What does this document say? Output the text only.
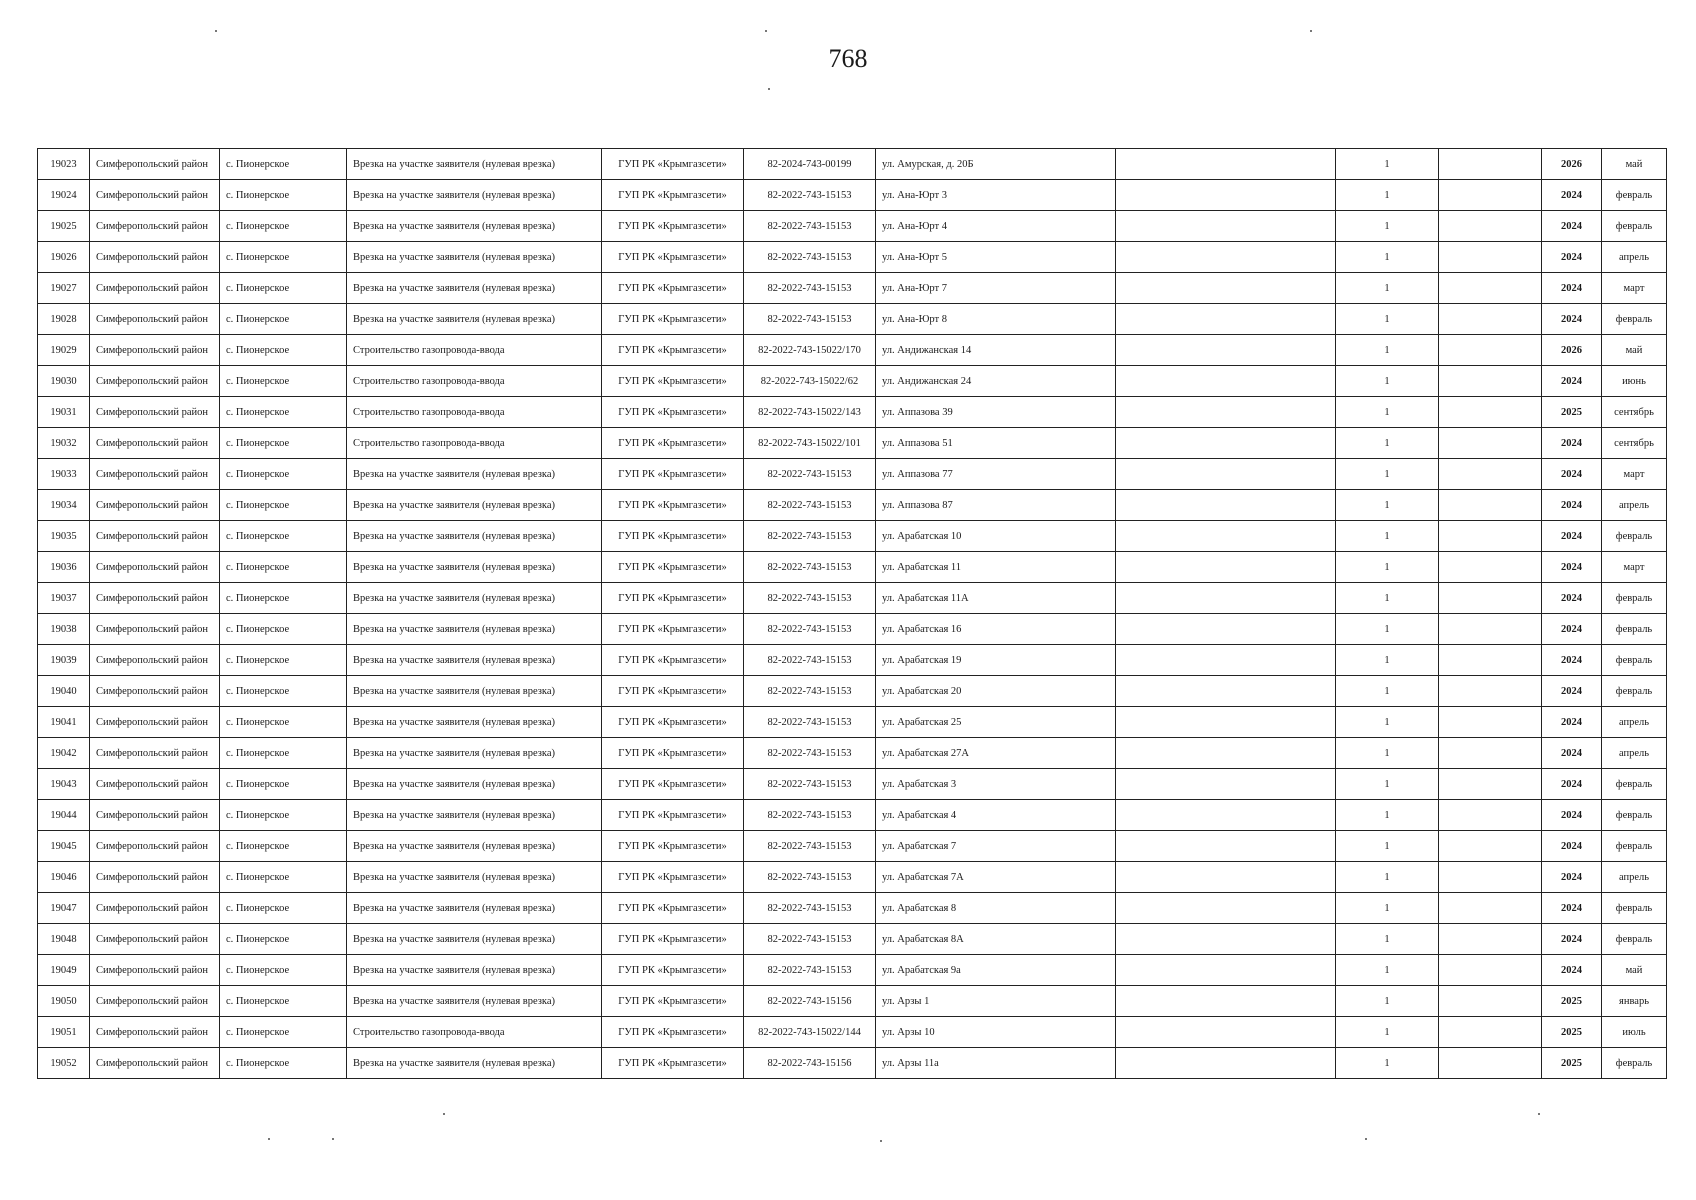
768
19023	Симферопольский район	с. Пионерское	Врезка на участке заявителя (нулевая врезка)	ГУП РК «Крымгазсети»	82-2024-743-00199	ул. Амурская, д. 20Б		1		2026	май
19024	Симферопольский район	с. Пионерское	Врезка на участке заявителя (нулевая врезка)	ГУП РК «Крымгазсети»	82-2022-743-15153	ул. Ана-Юрт 3		1		2024	февраль
19025	Симферопольский район	с. Пионерское	Врезка на участке заявителя (нулевая врезка)	ГУП РК «Крымгазсети»	82-2022-743-15153	ул. Ана-Юрт 4		1		2024	февраль
19026	Симферопольский район	с. Пионерское	Врезка на участке заявителя (нулевая врезка)	ГУП РК «Крымгазсети»	82-2022-743-15153	ул. Ана-Юрт 5		1		2024	апрель
19027	Симферопольский район	с. Пионерское	Врезка на участке заявителя (нулевая врезка)	ГУП РК «Крымгазсети»	82-2022-743-15153	ул. Ана-Юрт 7		1		2024	март
19028	Симферопольский район	с. Пионерское	Врезка на участке заявителя (нулевая врезка)	ГУП РК «Крымгазсети»	82-2022-743-15153	ул. Ана-Юрт 8		1		2024	февраль
19029	Симферопольский район	с. Пионерское	Строительство газопровода-ввода	ГУП РК «Крымгазсети»	82-2022-743-15022/170	ул. Андижанская 14		1		2026	май
19030	Симферопольский район	с. Пионерское	Строительство газопровода-ввода	ГУП РК «Крымгазсети»	82-2022-743-15022/62	ул. Андижанская 24		1		2024	июнь
19031	Симферопольский район	с. Пионерское	Строительство газопровода-ввода	ГУП РК «Крымгазсети»	82-2022-743-15022/143	ул. Аппазова 39		1		2025	сентябрь
19032	Симферопольский район	с. Пионерское	Строительство газопровода-ввода	ГУП РК «Крымгазсети»	82-2022-743-15022/101	ул. Аппазова 51		1		2024	сентябрь
19033	Симферопольский район	с. Пионерское	Врезка на участке заявителя (нулевая врезка)	ГУП РК «Крымгазсети»	82-2022-743-15153	ул. Аппазова 77		1		2024	март
19034	Симферопольский район	с. Пионерское	Врезка на участке заявителя (нулевая врезка)	ГУП РК «Крымгазсети»	82-2022-743-15153	ул. Аппазова 87		1		2024	апрель
19035	Симферопольский район	с. Пионерское	Врезка на участке заявителя (нулевая врезка)	ГУП РК «Крымгазсети»	82-2022-743-15153	ул. Арабатская 10		1		2024	февраль
19036	Симферопольский район	с. Пионерское	Врезка на участке заявителя (нулевая врезка)	ГУП РК «Крымгазсети»	82-2022-743-15153	ул. Арабатская 11		1		2024	март
19037	Симферопольский район	с. Пионерское	Врезка на участке заявителя (нулевая врезка)	ГУП РК «Крымгазсети»	82-2022-743-15153	ул. Арабатская 11А		1		2024	февраль
19038	Симферопольский район	с. Пионерское	Врезка на участке заявителя (нулевая врезка)	ГУП РК «Крымгазсети»	82-2022-743-15153	ул. Арабатская 16		1		2024	февраль
19039	Симферопольский район	с. Пионерское	Врезка на участке заявителя (нулевая врезка)	ГУП РК «Крымгазсети»	82-2022-743-15153	ул. Арабатская 19		1		2024	февраль
19040	Симферопольский район	с. Пионерское	Врезка на участке заявителя (нулевая врезка)	ГУП РК «Крымгазсети»	82-2022-743-15153	ул. Арабатская 20		1		2024	февраль
19041	Симферопольский район	с. Пионерское	Врезка на участке заявителя (нулевая врезка)	ГУП РК «Крымгазсети»	82-2022-743-15153	ул. Арабатская 25		1		2024	апрель
19042	Симферопольский район	с. Пионерское	Врезка на участке заявителя (нулевая врезка)	ГУП РК «Крымгазсети»	82-2022-743-15153	ул. Арабатская 27А		1		2024	апрель
19043	Симферопольский район	с. Пионерское	Врезка на участке заявителя (нулевая врезка)	ГУП РК «Крымгазсети»	82-2022-743-15153	ул. Арабатская 3		1		2024	февраль
19044	Симферопольский район	с. Пионерское	Врезка на участке заявителя (нулевая врезка)	ГУП РК «Крымгазсети»	82-2022-743-15153	ул. Арабатская 4		1		2024	февраль
19045	Симферопольский район	с. Пионерское	Врезка на участке заявителя (нулевая врезка)	ГУП РК «Крымгазсети»	82-2022-743-15153	ул. Арабатская 7		1		2024	февраль
19046	Симферопольский район	с. Пионерское	Врезка на участке заявителя (нулевая врезка)	ГУП РК «Крымгазсети»	82-2022-743-15153	ул. Арабатская 7А		1		2024	апрель
19047	Симферопольский район	с. Пионерское	Врезка на участке заявителя (нулевая врезка)	ГУП РК «Крымгазсети»	82-2022-743-15153	ул. Арабатская 8		1		2024	февраль
19048	Симферопольский район	с. Пионерское	Врезка на участке заявителя (нулевая врезка)	ГУП РК «Крымгазсети»	82-2022-743-15153	ул. Арабатская 8А		1		2024	февраль
19049	Симферопольский район	с. Пионерское	Врезка на участке заявителя (нулевая врезка)	ГУП РК «Крымгазсети»	82-2022-743-15153	ул. Арабатская 9а		1		2024	май
19050	Симферопольский район	с. Пионерское	Врезка на участке заявителя (нулевая врезка)	ГУП РК «Крымгазсети»	82-2022-743-15156	ул. Арзы 1		1		2025	январь
19051	Симферопольский район	с. Пионерское	Строительство газопровода-ввода	ГУП РК «Крымгазсети»	82-2022-743-15022/144	ул. Арзы 10		1		2025	июль
19052	Симферопольский район	с. Пионерское	Врезка на участке заявителя (нулевая врезка)	ГУП РК «Крымгазсети»	82-2022-743-15156	ул. Арзы 11а		1		2025	февраль
